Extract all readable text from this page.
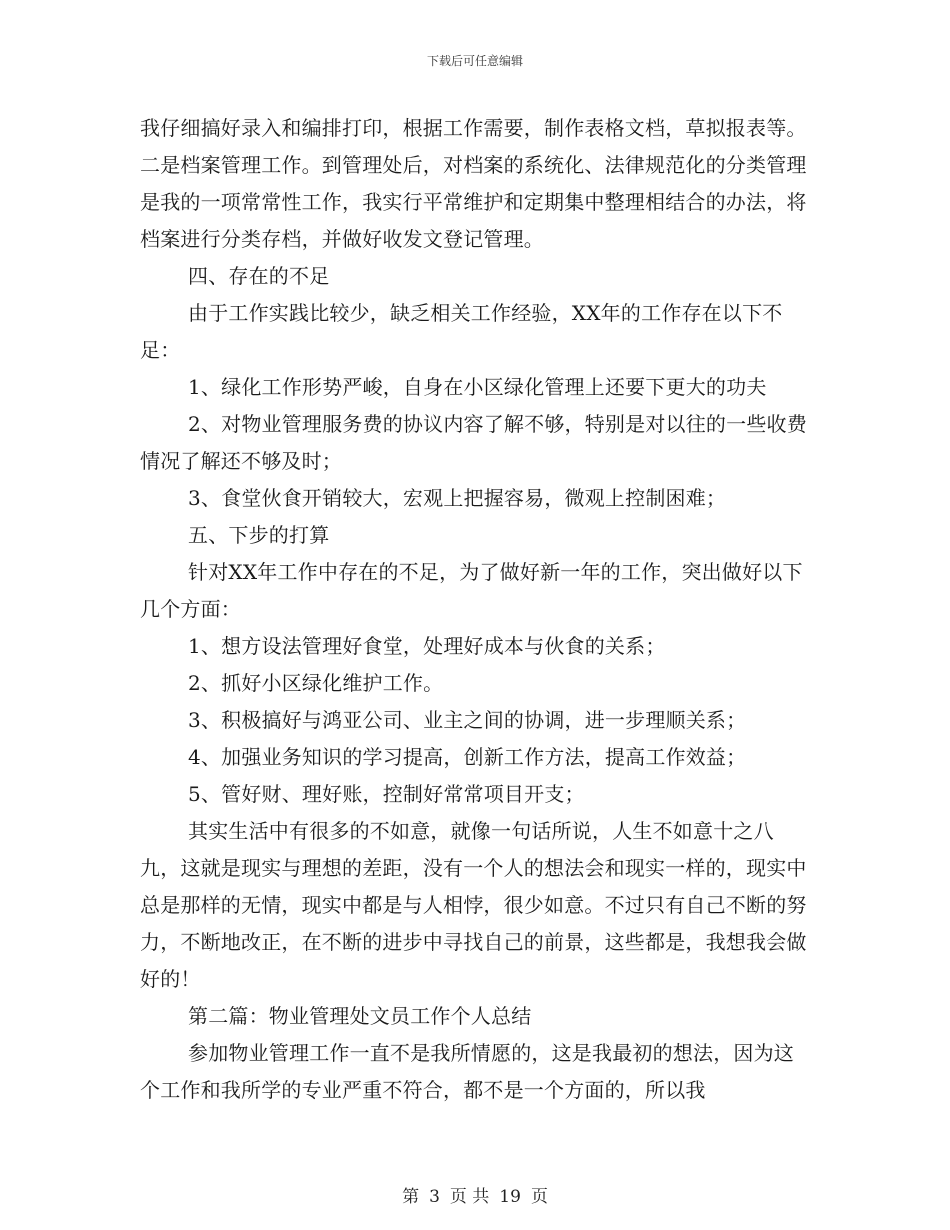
下载后可任意编辑

我仔细搞好录入和编排打印，根据工作需要，制作表格文档，草拟报表等。二是档案管理工作。到管理处后，对档案的系统化、法律规范化的分类管理是我的一项常常性工作，我实行平常维护和定期集中整理相结合的办法，将档案进行分类存档，并做好收发文登记管理。

四、存在的不足

由于工作实践比较少，缺乏相关工作经验，XX年的工作存在以下不足：

1、绿化工作形势严峻，自身在小区绿化管理上还要下更大的功夫

2、对物业管理服务费的协议内容了解不够，特别是对以往的一些收费情况了解还不够及时；

3、食堂伙食开销较大，宏观上把握容易，微观上控制困难；

五、下步的打算

针对XX年工作中存在的不足，为了做好新一年的工作，突出做好以下几个方面：

1、想方设法管理好食堂，处理好成本与伙食的关系；

2、抓好小区绿化维护工作。

3、积极搞好与鸿亚公司、业主之间的协调，进一步理顺关系；

4、加强业务知识的学习提高，创新工作方法，提高工作效益；

5、管好财、理好账，控制好常常项目开支；

其实生活中有很多的不如意，就像一句话所说，人生不如意十之八九，这就是现实与理想的差距，没有一个人的想法会和现实一样的，现实中总是那样的无情，现实中都是与人相悖，很少如意。不过只有自己不断的努力，不断地改正，在不断的进步中寻找自己的前景，这些都是，我想我会做好的！

第二篇：物业管理处文员工作个人总结

参加物业管理工作一直不是我所情愿的，这是我最初的想法，因为这个工作和我所学的专业严重不符合，都不是一个方面的，所以我

第 3 页 共 19 页
